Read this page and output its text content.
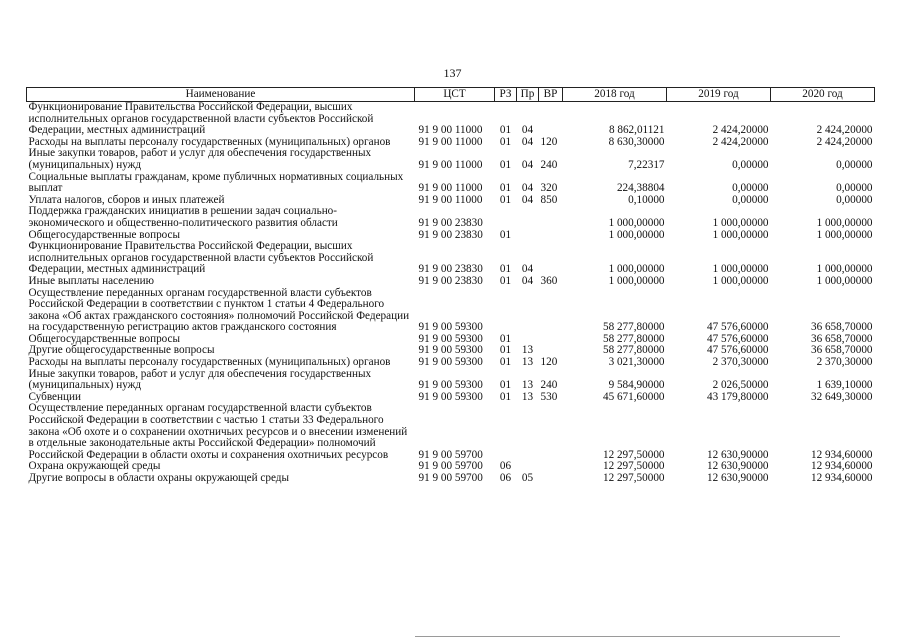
137
Наименование	ЦСТ	РЗ	Пр	ВР	2018 год	2019 год	2020 год
Функционирование Правительства Российской Федерации, высших исполнительных органов государственной власти субъектов Российской Федерации, местных администраций	91 9 00 11000	01	04		8 862,01121	2 424,20000	2 424,20000
Расходы на выплаты персоналу государственных (муниципальных) органов	91 9 00 11000	01	04	120	8 630,30000	2 424,20000	2 424,20000
Иные закупки товаров, работ и услуг для обеспечения государственных (муниципальных) нужд	91 9 00 11000	01	04	240	7,22317	0,00000	0,00000
Социальные выплаты гражданам, кроме публичных нормативных социальных выплат	91 9 00 11000	01	04	320	224,38804	0,00000	0,00000
Уплата налогов, сборов и иных платежей	91 9 00 11000	01	04	850	0,10000	0,00000	0,00000
Поддержка гражданских инициатив в решении задач социально-экономического и общественно-политического развития области	91 9 00 23830				1 000,00000	1 000,00000	1 000,00000
Общегосударственные вопросы	91 9 00 23830	01			1 000,00000	1 000,00000	1 000,00000
Функционирование Правительства Российской Федерации, высших исполнительных органов государственной власти субъектов Российской Федерации, местных администраций	91 9 00 23830	01	04		1 000,00000	1 000,00000	1 000,00000
Иные выплаты населению	91 9 00 23830	01	04	360	1 000,00000	1 000,00000	1 000,00000
Осуществление переданных органам государственной власти субъектов Российской Федерации в соответствии с пунктом 1 статьи 4 Федерального закона «Об актах гражданского состояния» полномочий Российской Федерации на государственную регистрацию актов гражданского состояния	91 9 00 59300				58 277,80000	47 576,60000	36 658,70000
Общегосударственные вопросы	91 9 00 59300	01			58 277,80000	47 576,60000	36 658,70000
Другие общегосударственные вопросы	91 9 00 59300	01	13		58 277,80000	47 576,60000	36 658,70000
Расходы на выплаты персоналу государственных (муниципальных) органов	91 9 00 59300	01	13	120	3 021,30000	2 370,30000	2 370,30000
Иные закупки товаров, работ и услуг для обеспечения государственных (муниципальных) нужд	91 9 00 59300	01	13	240	9 584,90000	2 026,50000	1 639,10000
Субвенции	91 9 00 59300	01	13	530	45 671,60000	43 179,80000	32 649,30000
Осуществление переданных органам государственной власти субъектов Российской Федерации в соответствии с частью 1 статьи 33 Федерального закона «Об охоте и о сохранении охотничьих ресурсов и о внесении изменений в отдельные законодательные акты Российской Федерации» полномочий Российской Федерации в области охоты и сохранения охотничьих ресурсов	91 9 00 59700				12 297,50000	12 630,90000	12 934,60000
Охрана окружающей среды	91 9 00 59700	06			12 297,50000	12 630,90000	12 934,60000
Другие вопросы в области охраны окружающей среды	91 9 00 59700	06	05		12 297,50000	12 630,90000	12 934,60000
